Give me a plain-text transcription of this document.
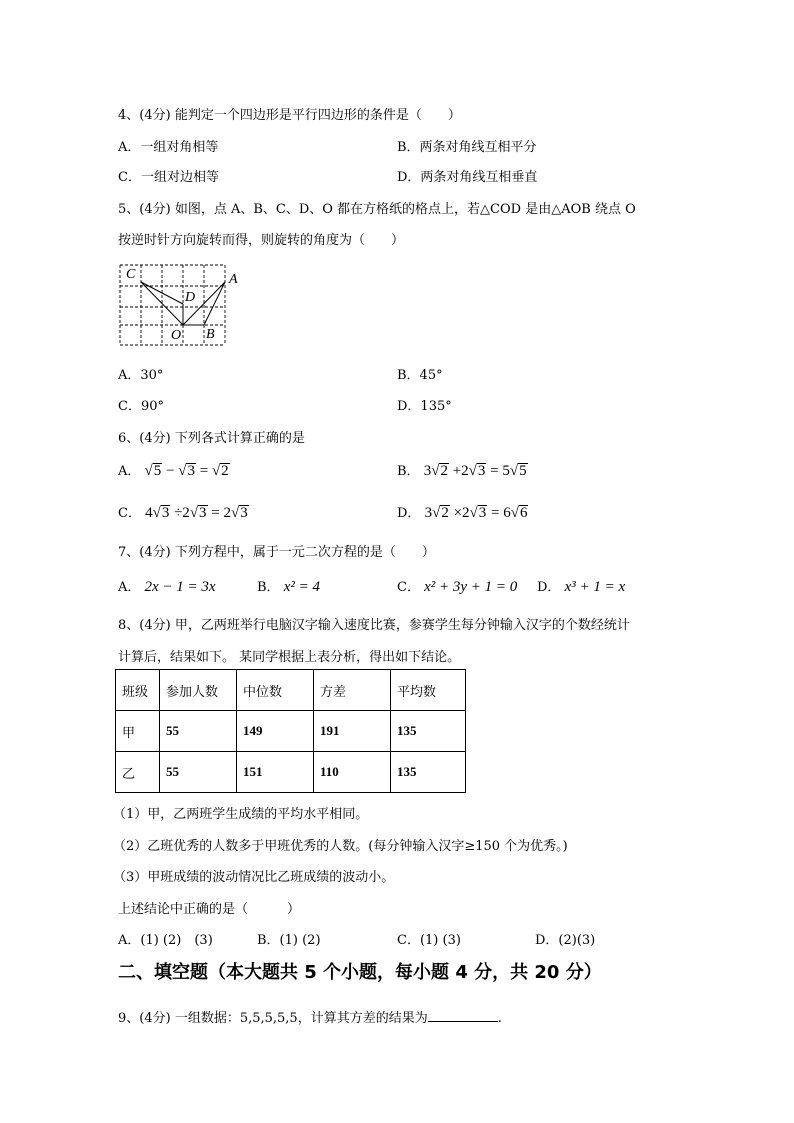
4、(4分) 能判定一个四边形是平行四边形的条件是（　　）
A．一组对角相等	B．两条对角线互相平分
C．一组对边相等	D．两条对角线互相垂直
5、(4分) 如图，点 A、B、C、D、O 都在方格纸的格点上，若△COD 是由△AOB 绕点 O
按逆时针方向旋转而得，则旋转的角度为（　　）
C
D
A
O B
A．30°	B．45°
C．90°	D．135°
6、(4分) 下列各式计算正确的是
A． √5 − √3 = √2	B． 3√2 +2√3 = 5√5
C． 4√3 ÷2√3 = 2√3	D． 3√2 ×2√3 = 6√6
7、(4分) 下列方程中，属于一元二次方程的是（　　）
A． 2x − 1 = 3x	B． x² = 4	C． x² + 3y + 1 = 0 D． x³ + 1 = x
8、(4分) 甲，乙两班举行电脑汉字输入速度比赛，参赛学生每分钟输入汉字的个数经统计
计算后，结果如下。 某同学根据上表分析，得出如下结论。
班级	参加人数	中位数	方差	平均数
甲	55	149	191	135
乙	55	151	110	135
（1）甲，乙两班学生成绩的平均水平相同。
（2）乙班优秀的人数多于甲班优秀的人数。(每分钟输入汉字≥150 个为优秀。)
（3）甲班成绩的波动情况比乙班成绩的波动小。
上述结论中正确的是（　　　）
A．(1) (2)　(3)	B．(1) (2)	C．(1) (3)	D．(2)(3)
二、填空题（本大题共 5 个小题，每小题 4 分，共 20 分）
9、(4分) 一组数据：5,5,5,5,5，计算其方差的结果为	.
